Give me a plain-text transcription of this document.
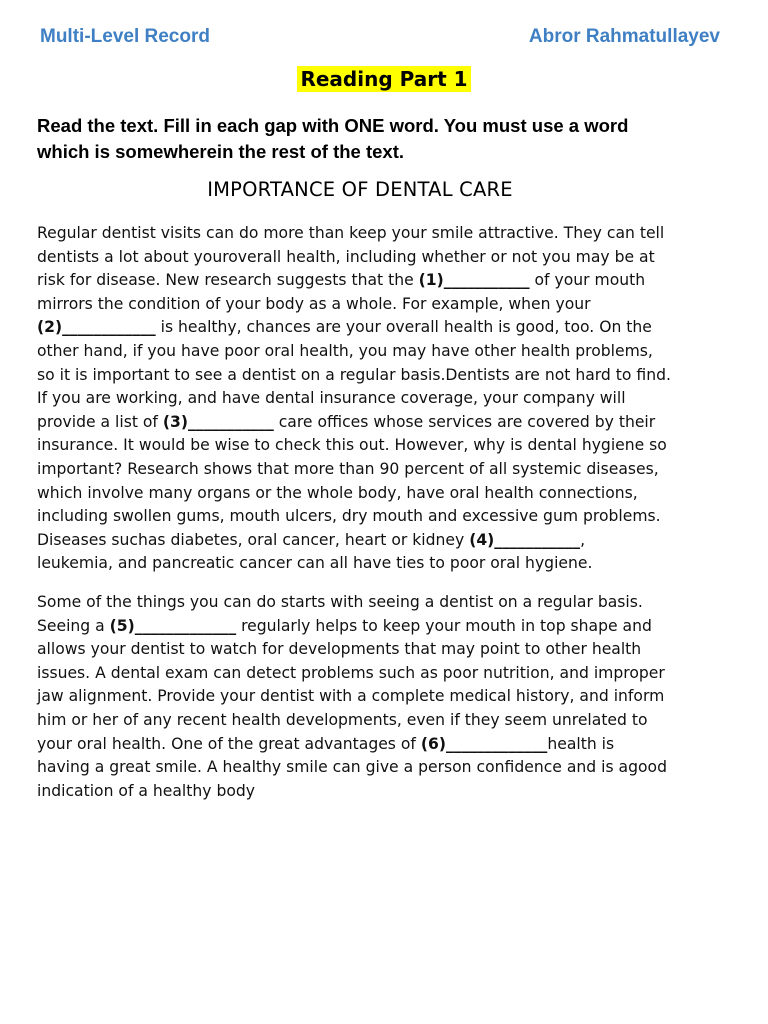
Multi-Level Record	Abror Rahmatullayev
Reading Part 1
Read the text. Fill in each gap with ONE word. You must use a word
which is somewherein the rest of the text.
IMPORTANCE OF DENTAL CARE
Regular dentist visits can do more than keep your smile attractive. They can tell
dentists a lot about youroverall health, including whether or not you may be at
risk for disease. New research suggests that the (1)___________ of your mouth
mirrors the condition of your body as a whole. For example, when your
(2)____________ is healthy, chances are your overall health is good, too. On the
other hand, if you have poor oral health, you may have other health problems,
so it is important to see a dentist on a regular basis.Dentists are not hard to find.
If you are working, and have dental insurance coverage, your company will
provide a list of (3)___________ care offices whose services are covered by their
insurance. It would be wise to check this out. However, why is dental hygiene so
important? Research shows that more than 90 percent of all systemic diseases,
which involve many organs or the whole body, have oral health connections,
including swollen gums, mouth ulcers, dry mouth and excessive gum problems.
Diseases suchas diabetes, oral cancer, heart or kidney (4)___________,
leukemia, and pancreatic cancer can all have ties to poor oral hygiene.
Some of the things you can do starts with seeing a dentist on a regular basis.
Seeing a (5)_____________ regularly helps to keep your mouth in top shape and
allows your dentist to watch for developments that may point to other health
issues. A dental exam can detect problems such as poor nutrition, and improper
jaw alignment. Provide your dentist with a complete medical history, and inform
him or her of any recent health developments, even if they seem unrelated to
your oral health. One of the great advantages of (6)_____________health is
having a great smile. A healthy smile can give a person confidence and is agood
indication of a healthy body
